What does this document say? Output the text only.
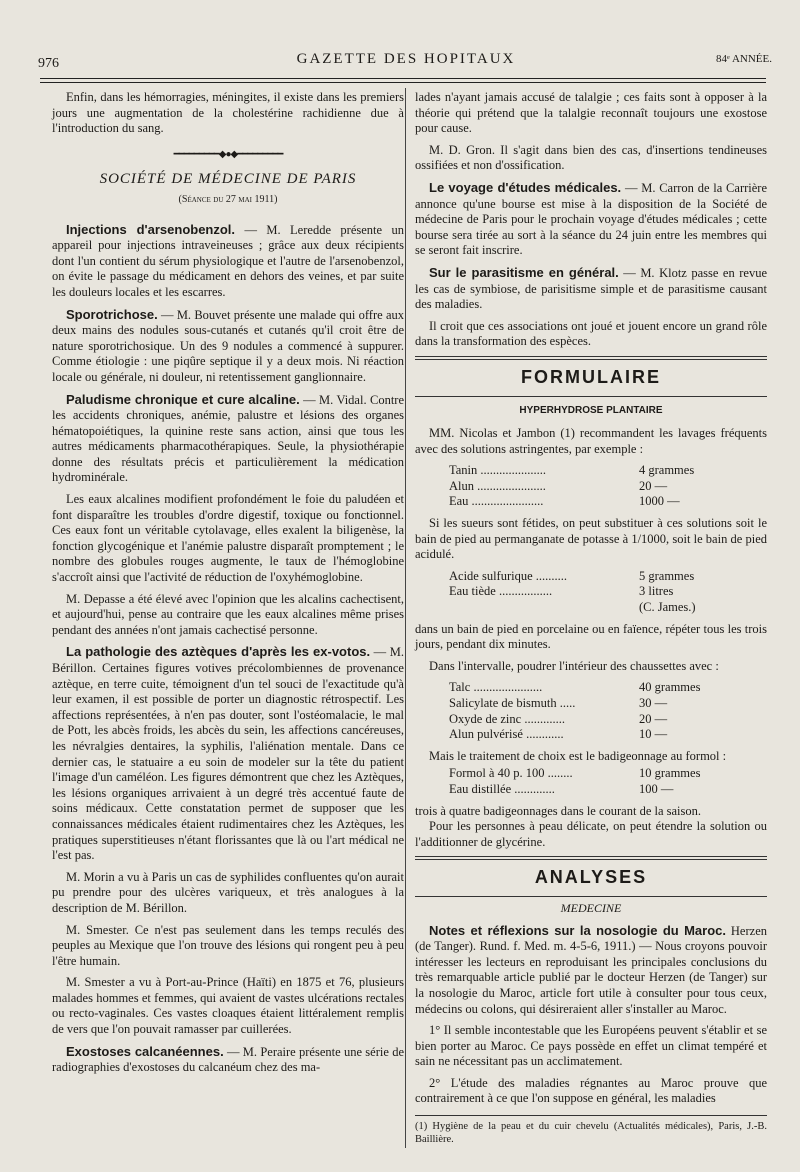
976	GAZETTE DES HOPITAUX	84ᵉ ANNÉE.

Enfin, dans les hémorragies, méningites, il existe dans les premiers jours une augmentation de la cholestérine rachidienne due à l'introduction du sang.

━━━━━━━━━◆●◆━━━━━━━━━
SOCIÉTÉ DE MÉDECINE DE PARIS
(Séance du 27 mai 1911)

Injections d'arsenobenzol. — M. Leredde présente un appareil pour injections intraveineuses ; grâce aux deux récipients dont l'un contient du sérum physiologique et l'autre de l'arsenobenzol, on évite le passage du médicament en dehors des veines, et par suite les douleurs locales et les escarres.

Sporotrichose. — M. Bouvet présente une malade qui offre aux deux mains des nodules sous-cutanés et cutanés qu'il croit être de nature sporotrichosique. Un des 9 nodules a commencé à suppurer. Comme étiologie : une piqûre septique il y a deux mois. Ni réaction locale ou générale, ni douleur, ni retentissement ganglionnaire.

Paludisme chronique et cure alcaline. — M. Vidal. Contre les accidents chroniques, anémie, palustre et lésions des organes hématopoiétiques, la quinine reste sans action, ainsi que tous les autres médicaments pharmacothérapiques. Seule, la physiothérapie donne des résultats précis et particulièrement la médication hydrominérale.

Les eaux alcalines modifient profondément le foie du paludéen et font disparaître les troubles d'ordre digestif, toxique ou fonctionnel. Ces eaux font un véritable cytolavage, elles exalent la biligenèse, la fonction glycogénique et l'anémie palustre disparaît promptement ; le nombre des globules rouges augmente, le taux de l'hémoglobine s'accroît ainsi que l'activité de réduction de l'oxyhémoglobine.

M. Depasse a été élevé avec l'opinion que les alcalins cachectisent, et aujourd'hui, pense au contraire que les eaux alcalines même prises pendant des années n'ont jamais cachectisé personne.

La pathologie des aztèques d'après les ex-votos. — M. Bérillon. Certaines figures votives précolombiennes de provenance aztèque, en terre cuite, témoignent d'un tel souci de l'exactitude qu'à leur examen, il est possible de porter un diagnostic rétrospectif. Les affections représentées, à n'en pas douter, sont l'ostéomalacie, le mal de Pott, les abcès froids, les abcès du sein, les affections cancéreuses, les névralgies dentaires, la syphilis, l'aliénation mentale. Dans ce dernier cas, le statuaire a eu soin de modeler sur la tête du patient l'image d'un caméléon. Les figures démontrent que chez les Aztèques, les lésions organiques arrivaient à un degré très accentué faute de soins médicaux. Cette constatation permet de supposer que les connaissances médicales étaient rudimentaires chez les Aztèques, les pratiques superstitieuses n'étant florissantes que là ou l'art médical ne l'est pas.

M. Morin a vu à Paris un cas de syphilides confluentes qu'on aurait pu prendre pour des ulcères variqueux, et très analogues à la description de M. Bérillon.

M. Smester. Ce n'est pas seulement dans les temps reculés des peuples au Mexique que l'on trouve des lésions qui rongent peu à peu l'être humain.

M. Smester a vu à Port-au-Prince (Haïti) en 1875 et 76, plusieurs malades hommes et femmes, qui avaient de vastes ulcérations rectales ou recto-vaginales. Ces vastes cloaques étaient littéralement remplis de vers que l'on pouvait ramasser par cuillerées.

Exostoses calcanéennes. — M. Peraire présente une série de radiographies d'exostoses du calcanéum chez des ma-

lades n'ayant jamais accusé de talalgie ; ces faits sont à opposer à la théorie qui prétend que la talalgie reconnaît toujours une exostose pour cause.

M. D. Gron. Il s'agit dans bien des cas, d'insertions tendineuses ossifiées et non d'ossification.

Le voyage d'études médicales. — M. Carron de la Carrière annonce qu'une bourse est mise à la disposition de la Société de médecine de Paris pour le prochain voyage d'études médicales ; cette bourse sera tirée au sort à la séance du 24 juin entre les membres qui se seront fait inscrire.

Sur le parasitisme en général. — M. Klotz passe en revue les cas de symbiose, de parisitisme simple et de parasitisme causant des maladies.

Il croit que ces associations ont joué et jouent encore un grand rôle dans la transformation des espèces.

FORMULAIRE
HYPERHYDROSE PLANTAIRE

MM. Nicolas et Jambon (1) recommandent les lavages fréquents avec des solutions astringentes, par exemple :

Tanin .....................	4 grammes
Alun ......................	20 —
Eau .......................	1000 —

Si les sueurs sont fétides, on peut substituer à ces solutions soit le bain de pied au permanganate de potasse à 1/1000, soit le bain de pied acidulé.

Acide sulfurique ..........	5 grammes
Eau tiède .................	3 litres
	(C. James.)

dans un bain de pied en porcelaine ou en faïence, répéter tous les trois jours, pendant dix minutes.

Dans l'intervalle, poudrer l'intérieur des chaussettes avec :

Talc ......................	40 grammes
Salicylate de bismuth .....	30 —
Oxyde de zinc .............	20 —
Alun pulvérisé ............	10 —

Mais le traitement de choix est le badigeonnage au formol :

Formol à 40 p. 100 ........	10 grammes
Eau distillée .............	100 —

trois à quatre badigeonnages dans le courant de la saison.

Pour les personnes à peau délicate, on peut étendre la solution ou l'additionner de glycérine.

ANALYSES
MEDECINE

Notes et réflexions sur la nosologie du Maroc. Herzen (de Tanger). Rund. f. Med. m. 4-5-6, 1911.) — Nous croyons pouvoir intéresser les lecteurs en reproduisant les principales conclusions du très remarquable article publié par le docteur Herzen (de Tanger) sur la nosologie du Maroc, article fort utile à consulter pour tous ceux, médecins ou colons, qui désireraient aller s'installer au Maroc.

1° Il semble incontestable que les Européens peuvent s'établir et se bien porter au Maroc. Ce pays possède en effet un climat tempéré et sain ne nécessitant pas un acclimatement.

2° L'étude des maladies régnantes au Maroc prouve que contrairement à ce que l'on suppose en général, les maladies

(1) Hygiène de la peau et du cuir chevelu (Actualités médicales), Paris, J.-B. Baillière.
